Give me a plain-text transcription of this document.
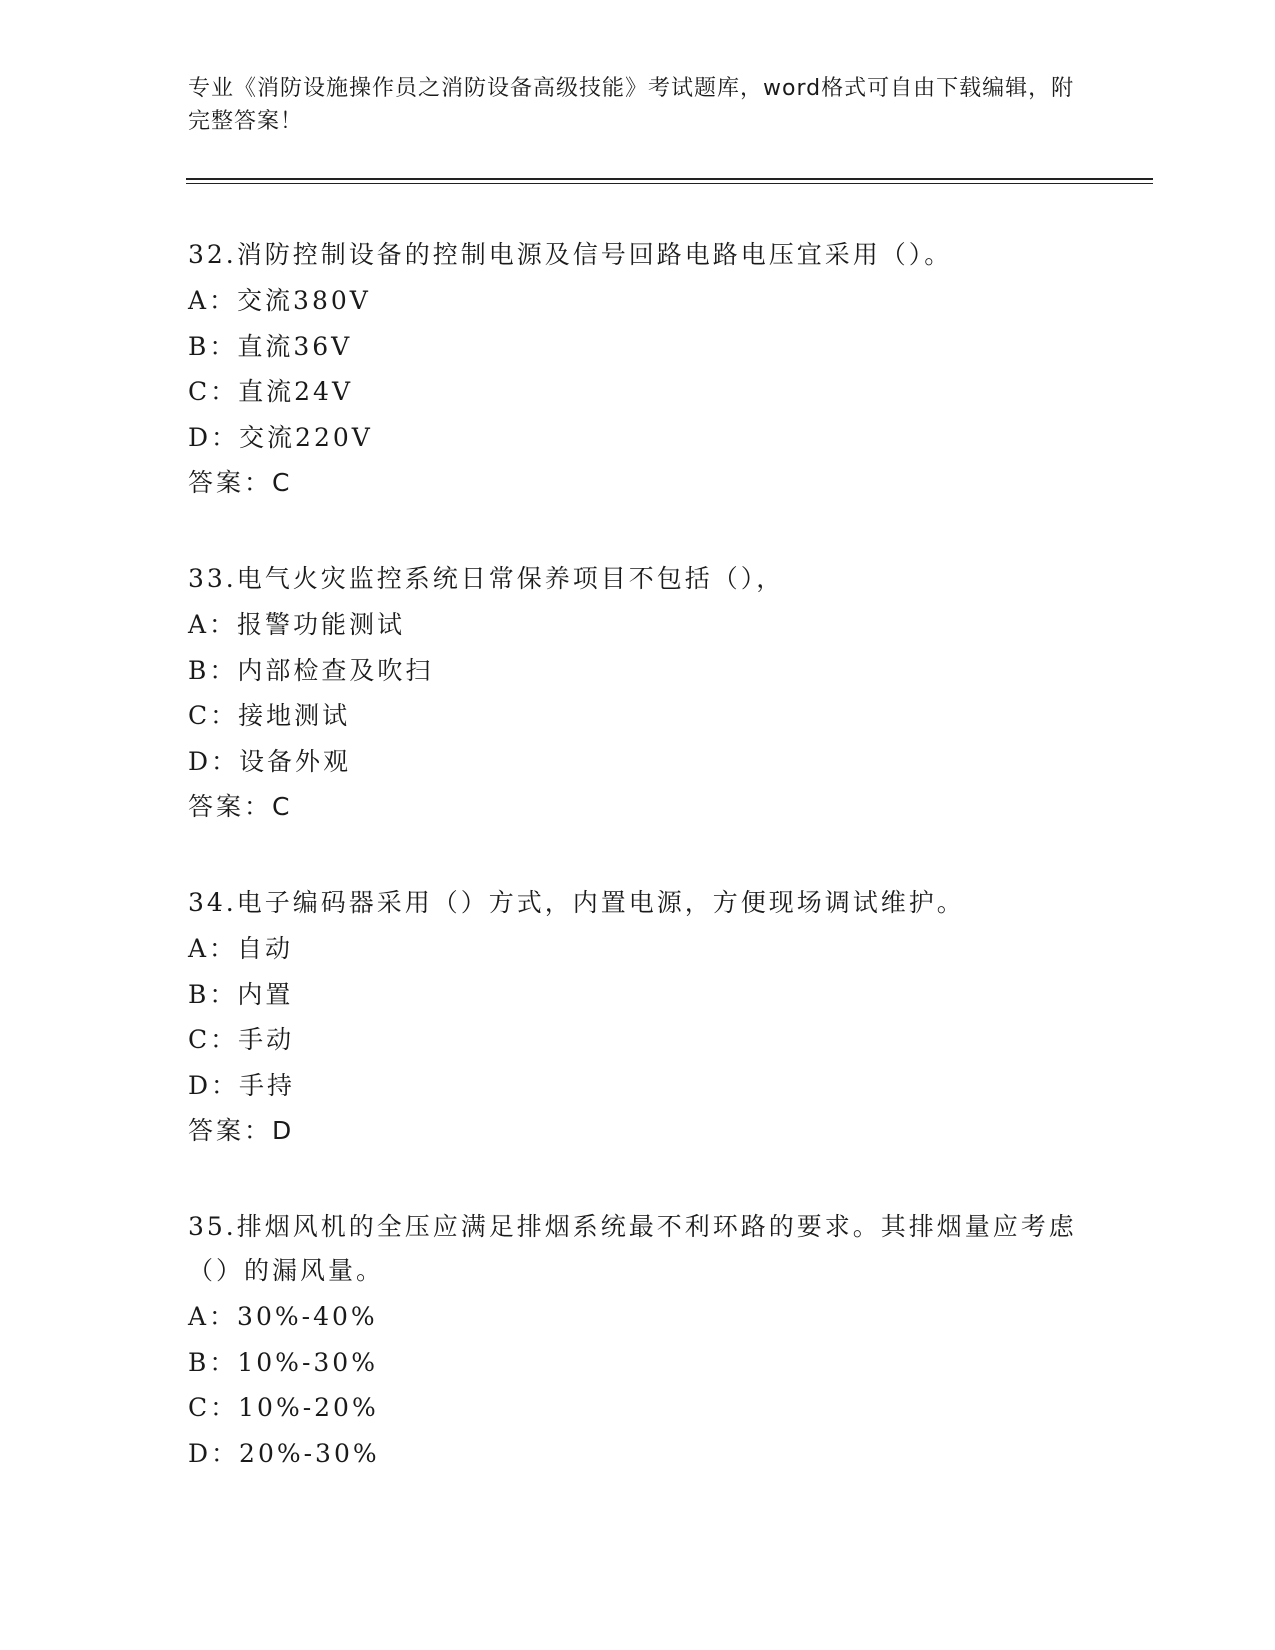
专业《消防设施操作员之消防设备高级技能》考试题库，word格式可自由下载编辑，附完整答案！
32.消防控制设备的控制电源及信号回路电路电压宜采用（）。
A：交流380V
B：直流36V
C：直流24V
D：交流220V
答案：C
33.电气火灾监控系统日常保养项目不包括（），
A：报警功能测试
B：内部检查及吹扫
C：接地测试
D：设备外观
答案：C
34.电子编码器采用（）方式，内置电源，方便现场调试维护。
A：自动
B：内置
C：手动
D：手持
答案：D
35.排烟风机的全压应满足排烟系统最不利环路的要求。其排烟量应考虑（）的漏风量。
A：30%-40%
B：10%-30%
C：10%-20%
D：20%-30%
